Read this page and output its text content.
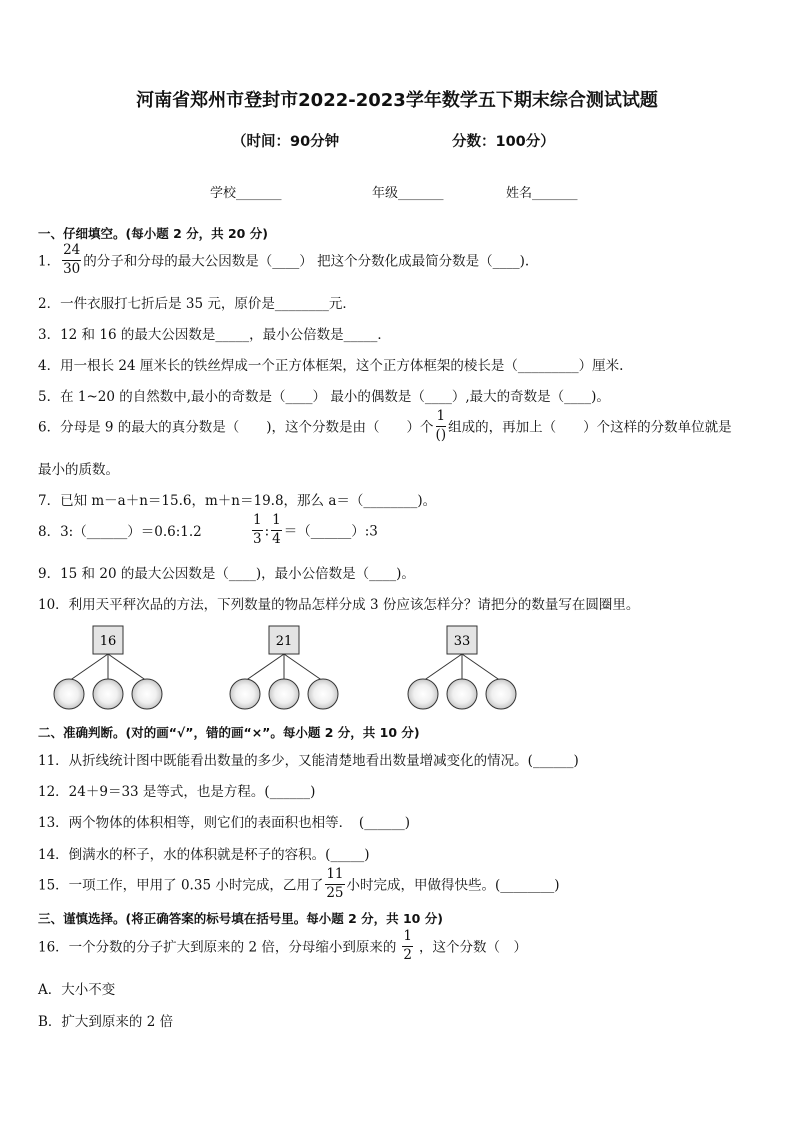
河南省郑州市登封市2022-2023学年数学五下期末综合测试试题
（时间：90分钟	分数：100分）
学校_______	年级_______	姓名_______
一、仔细填空。(每小题 2 分，共 20 分)
1． $\frac{24}{30}$ 的分子和分母的最大公因数是（____） 把这个分数化成最简分数是（____).
2．一件衣服打七折后是 35 元，原价是________元．
3．12 和 16 的最大公因数是_____，最小公倍数是_____．
4．用一根长 24 厘米长的铁丝焊成一个正方体框架，这个正方体框架的棱长是（_________）厘米.
5．在 1~20 的自然数中,最小的奇数是（____） 最小的偶数是（____）,最大的奇数是（____)。
6．分母是 9 的最大的真分数是（　　)，这个分数是由（　　）个 $\frac{1}{()}$ 组成的，再加上（　　）个这样的分数单位就是
最小的质数。
7．已知 m－a＋n＝15.6，m＋n＝19.8，那么 a＝（________)。
8．3:（______）＝0.6:1.2	$\frac{1}{3}$ : $\frac{1}{4}$ ＝（______）:3
9．15 和 20 的最大公因数是（____)，最小公倍数是（____)。
10．利用天平秤次品的方法，下列数量的物品怎样分成 3 份应该怎样分？请把分的数量写在圆圈里。
16	21	33
二、准确判断。(对的画“√”，错的画“×”。每小题 2 分，共 10 分)
11．从折线统计图中既能看出数量的多少，又能清楚地看出数量增减变化的情况。(______)
12．24＋9＝33 是等式，也是方程。(______)
13．两个物体的体积相等，则它们的表面积也相等．　(______)
14．倒满水的杯子，水的体积就是杯子的容积。(_____)
15．一项工作，甲用了 0.35 小时完成，乙用了 $\frac{11}{25}$ 小时完成，甲做得快些。(________)
三、谨慎选择。(将正确答案的标号填在括号里。每小题 2 分，共 10 分)
16．一个分数的分子扩大到原来的 2 倍，分母缩小到原来的 $\frac{1}{2}$ ，这个分数（　）
A．大小不变
B．扩大到原来的 2 倍
